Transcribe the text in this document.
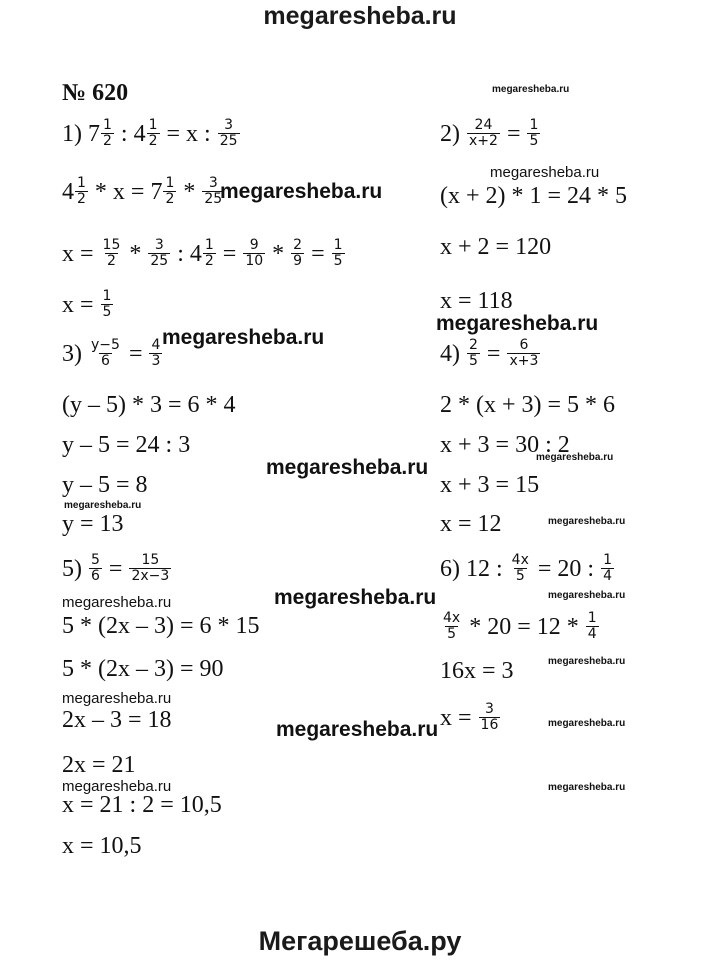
megaresheba.ru
№ 620
1) $7 \frac{1}{2}$ : $4 \frac{1}{2} = x$ : $\frac{3}{25}$
$4 \frac{1}{2} * x = 7 \frac{1}{2} * \frac{3}{25}$
$x = \frac{15}{2} * \frac{3}{25}$ : $4 \frac{1}{2} = \frac{9}{10} * \frac{2}{9} = \frac{1}{5}$
$x = \frac{1}{5}$
$3) \frac{y-5}{6} = \frac{4}{3}$
(y – 5) * 3 = 6 * 4
y – 5 = 24 : 3
y – 5 = 8
y = 13
$5) \frac{5}{6} = \frac{15}{2x-3}$
5 * (2x – 3) = 6 * 15
5 * (2x – 3) = 90
2x – 3 = 18
2x = 21
x = 21 : 2 = 10,5
x = 10,5
$2) \frac{24}{x+2} = \frac{1}{5}$
(x + 2) * 1 = 24 * 5
x + 2 = 120
x = 118
$4) \frac{2}{5} = \frac{6}{x+3}$
2 * (x + 3) = 5 * 6
x + 3 = 30 : 2
x + 3 = 15
x = 12
6) 12 : $\frac{4x}{5} = 20$ : $\frac{1}{4}$
$\frac{4x}{5} * 20 = 12 * \frac{1}{4}$
16x = 3
$x = \frac{3}{16}$
megaresheba.ru
megaresheba.ru
megaresheba.ru
megaresheba.ru
megaresheba.ru
megaresheba.ru
megaresheba.ru
megaresheba.ru
megaresheba.ru
megaresheba.ru	megaresheba.ru
megaresheba.ru
megaresheba.ru
megaresheba.ru
megaresheba.ru	megaresheba.ru
megaresheba.ru	megaresheba.ru
Мегарешеба.ру
